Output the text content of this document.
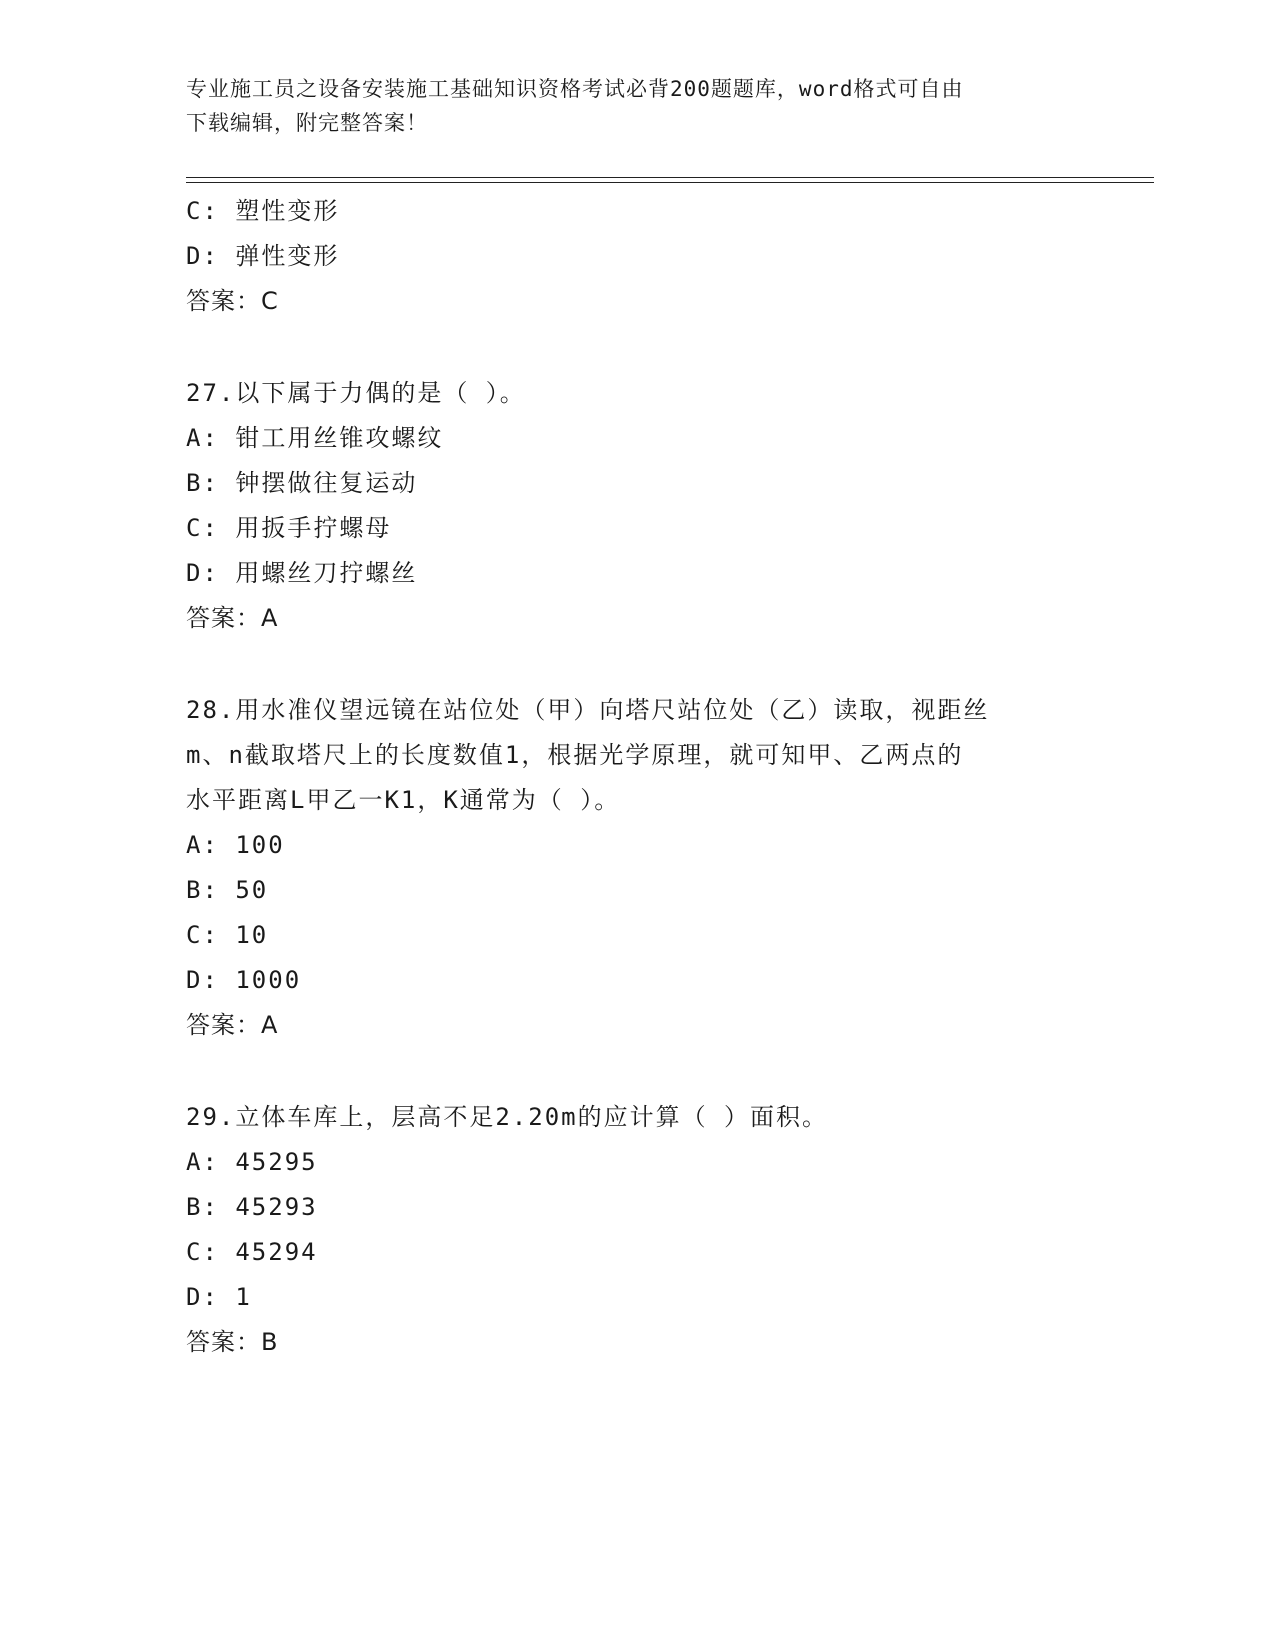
专业施工员之设备安装施工基础知识资格考试必背200题题库，word格式可自由
下载编辑，附完整答案！
C: 塑性变形
D: 弹性变形
答案：C
27.以下属于力偶的是（ ）。
A: 钳工用丝锥攻螺纹
B: 钟摆做往复运动
C: 用扳手拧螺母
D: 用螺丝刀拧螺丝
答案：A
28.用水准仪望远镜在站位处（甲）向塔尺站位处（乙）读取，视距丝
m、n截取塔尺上的长度数值1，根据光学原理，就可知甲、乙两点的
水平距离L甲乙一K1，K通常为（ ）。
A: 100
B: 50
C: 10
D: 1000
答案：A
29.立体车库上，层高不足2.20m的应计算（ ）面积。
A: 45295
B: 45293
C: 45294
D: 1
答案：B
